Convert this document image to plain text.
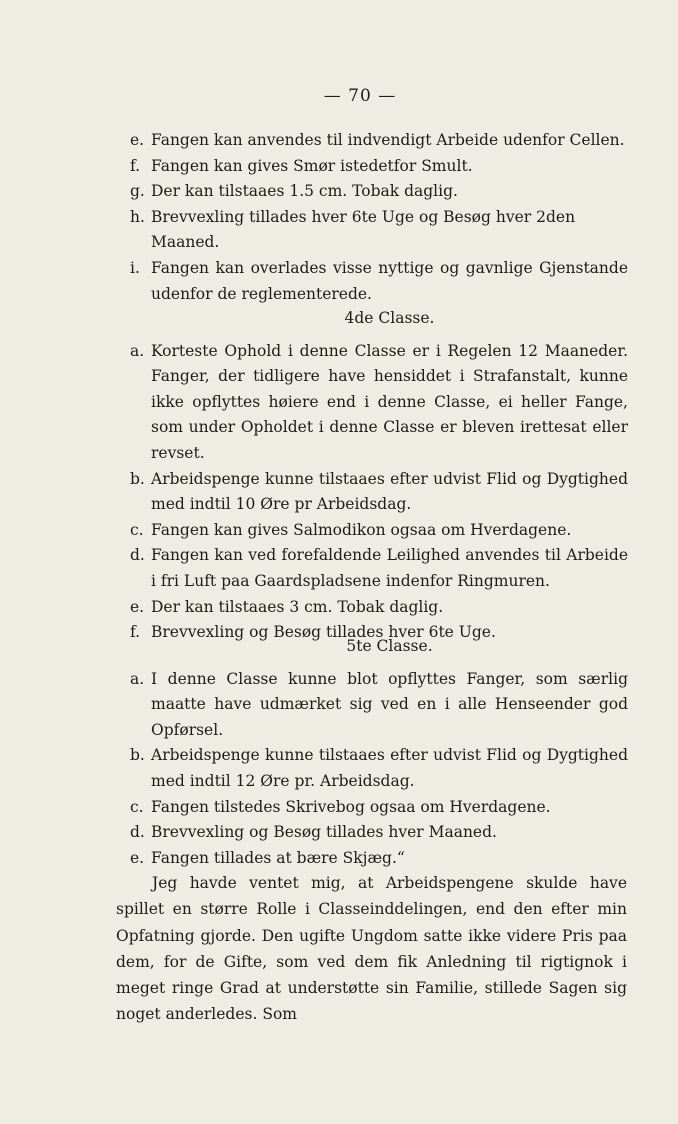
— 70 —
e. Fangen kan anvendes til indvendigt Arbeide udenfor Cellen.
f. Fangen kan gives Smør istedetfor Smult.
g. Der kan tilstaaes 1.5 cm. Tobak daglig.
h. Brevvexling tillades hver 6te Uge og Besøg hver 2den Maaned.
i. Fangen kan overlades visse nyttige og gavnlige Gjenstande udenfor de reglementerede.
4de Classe.
a. Korteste Ophold i denne Classe er i Regelen 12 Maaneder. Fanger, der tidligere have hensiddet i Strafanstalt, kunne ikke opflyttes høiere end i denne Classe, ei heller Fange, som under Opholdet i denne Classe er bleven irettesat eller revset.
b. Arbeidspenge kunne tilstaaes efter udvist Flid og Dygtighed med indtil 10 Øre pr Arbeidsdag.
c. Fangen kan gives Salmodikon ogsaa om Hverdagene.
d. Fangen kan ved forefaldende Leilighed anvendes til Arbeide i fri Luft paa Gaardspladsene indenfor Ringmuren.
e. Der kan tilstaaes 3 cm. Tobak daglig.
f. Brevvexling og Besøg tillades hver 6te Uge.
5te Classe.
a. I denne Classe kunne blot opflyttes Fanger, som særlig maatte have udmærket sig ved en i alle Henseender god Opførsel.
b. Arbeidspenge kunne tilstaaes efter udvist Flid og Dygtighed med indtil 12 Øre pr. Arbeidsdag.
c. Fangen tilstedes Skrivebog ogsaa om Hverdagene.
d. Brevvexling og Besøg tillades hver Maaned.
e. Fangen tillades at bære Skjæg.“
Jeg havde ventet mig, at Arbeidspengene skulde have spillet en større Rolle i Classeinddelingen, end den efter min Opfatning gjorde. Den ugifte Ungdom satte ikke videre Pris paa dem, for de Gifte, som ved dem fik Anledning til rigtignok i meget ringe Grad at understøtte sin Familie, stillede Sagen sig noget anderledes. Som
